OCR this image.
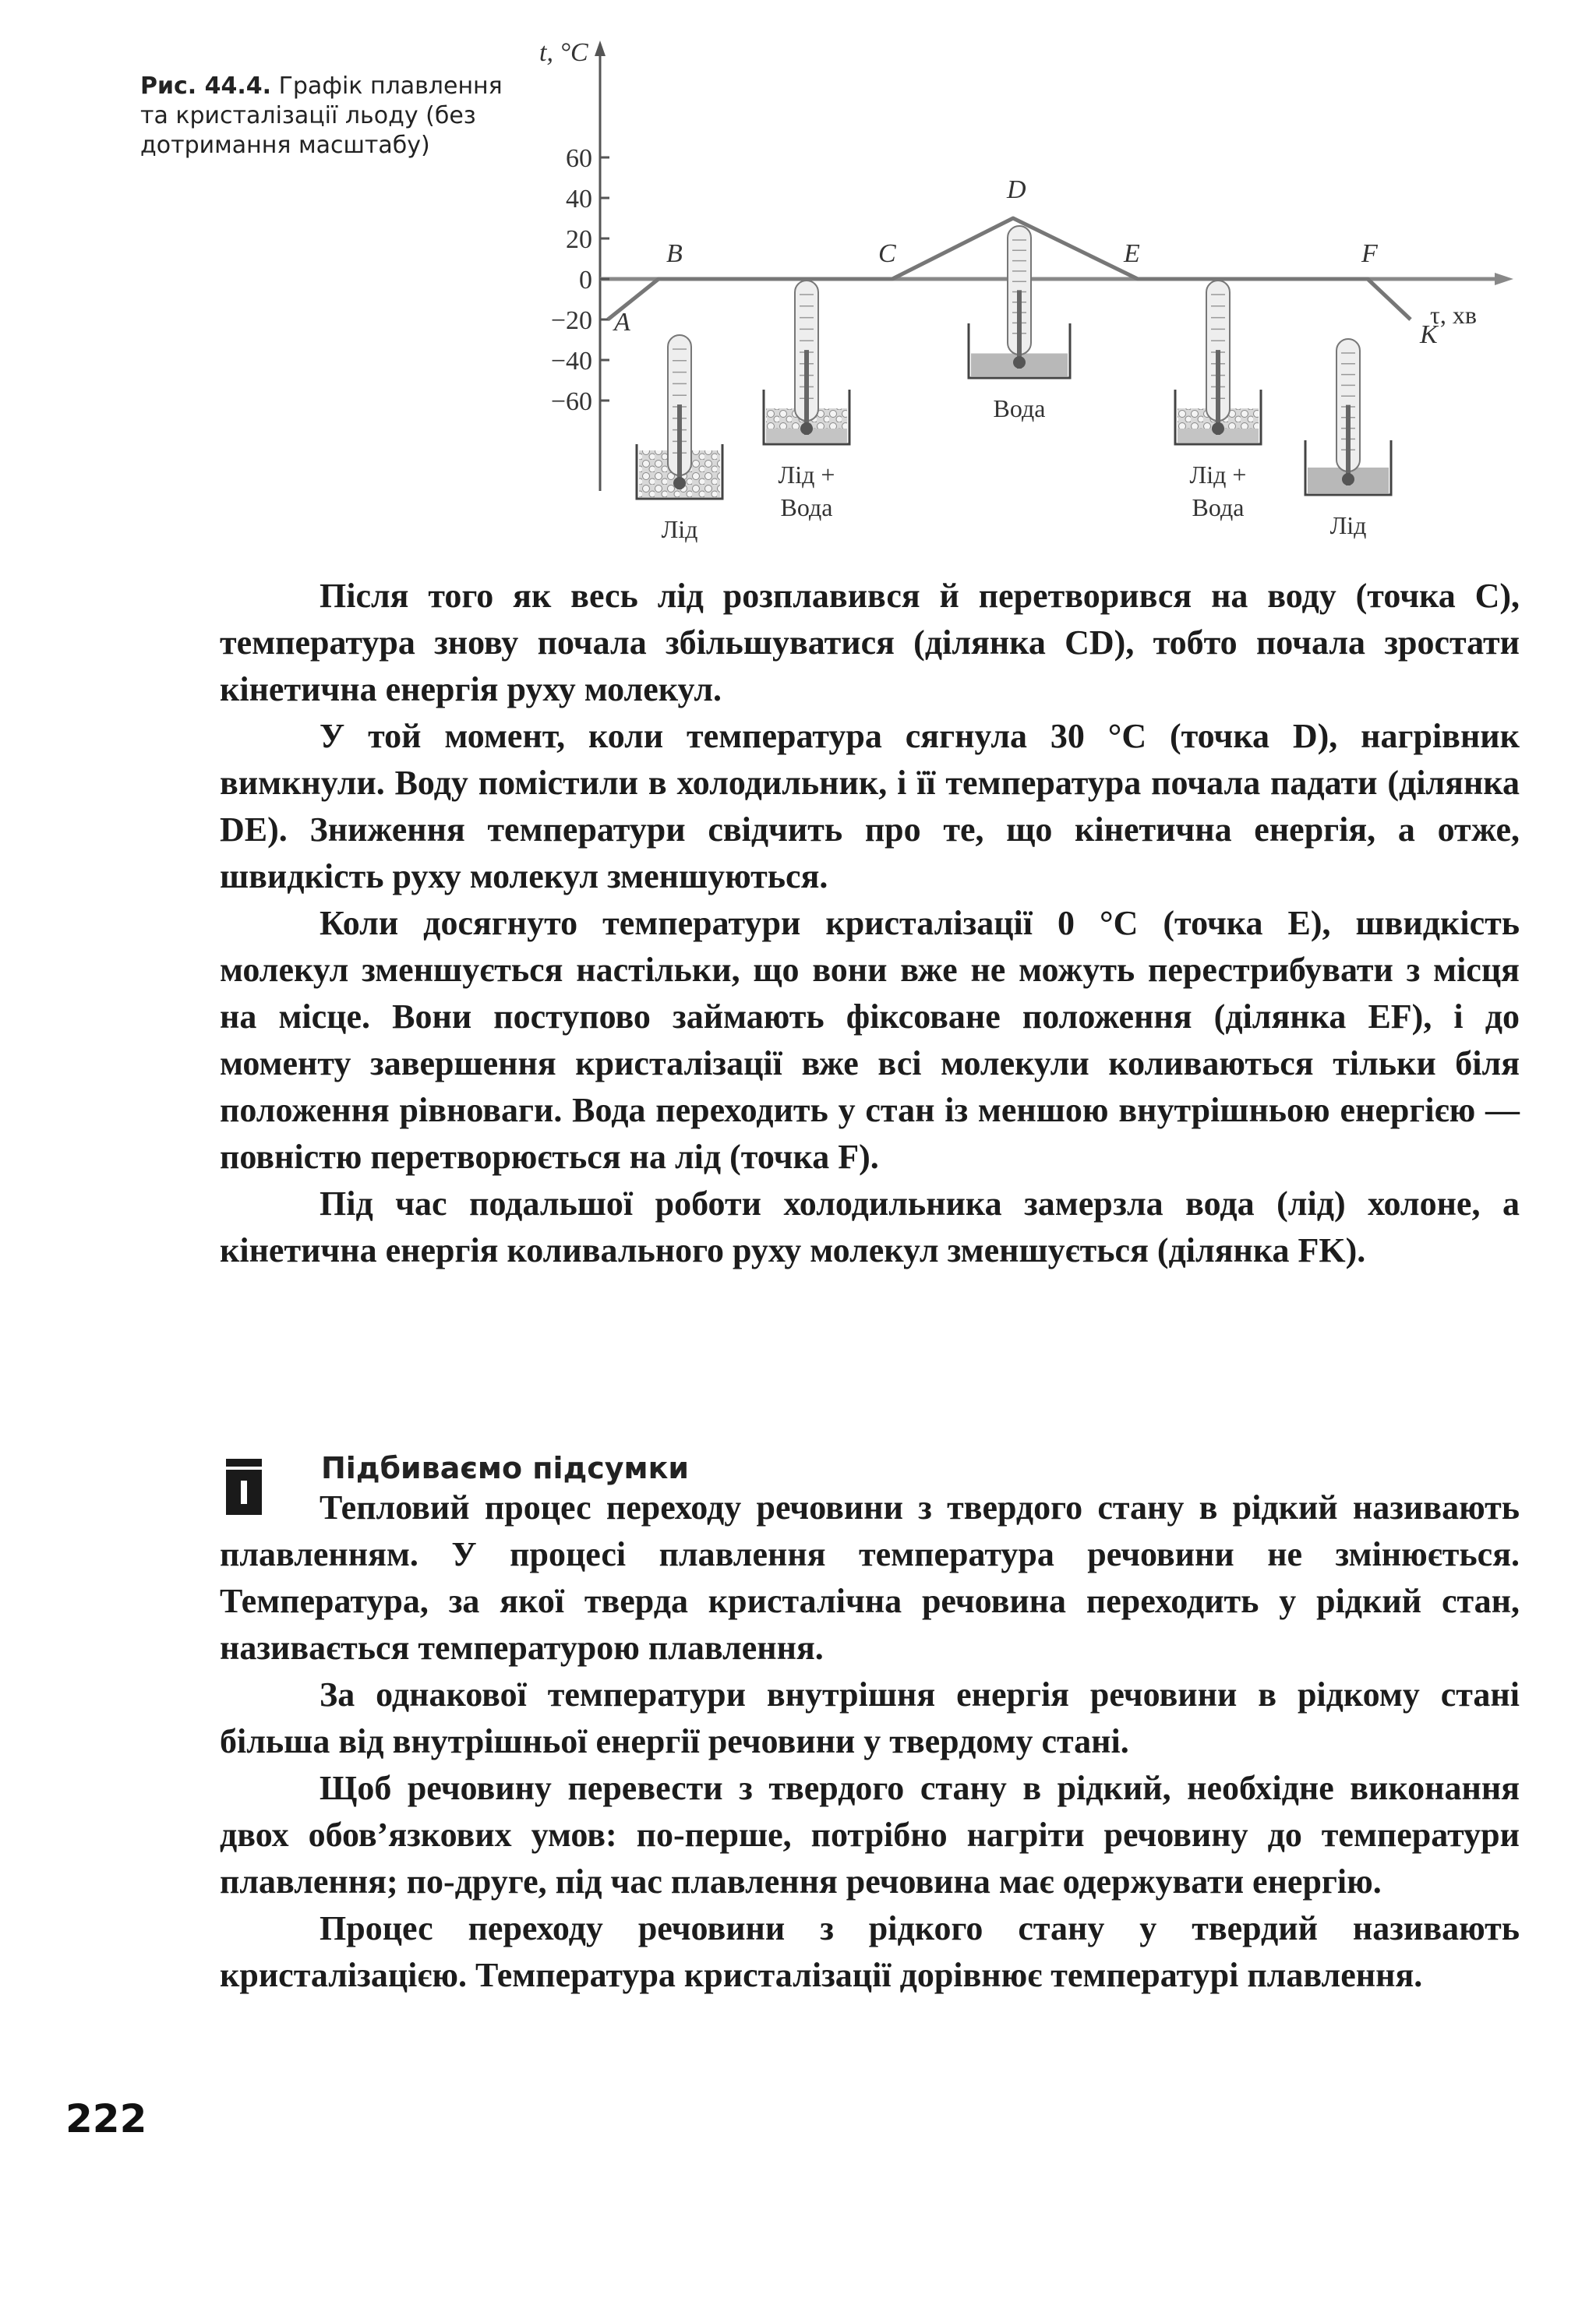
Рис. 44.4. Графік плавлення та кристалізації льоду (без дотримання масштабу)
t, °C
τ, хв
60
40
20
0
−20
−40
−60
A
B	C
D
E	F
K
Лід
Лід + Вода
Вода
Лід + Вода
Лід

Після того як весь лід розплавився й перетворився на воду (точка C), температура знову почала збільшуватися (ділянка CD), тобто почала зростати кінетична енергія руху молекул.

У той момент, коли температура сягнула 30 °С (точка D), нагрівник вимкнули. Воду помістили в холодильник, і її температура почала падати (ділянка DE). Зниження температури свідчить про те, що кінетична енергія, а отже, швидкість руху молекул зменшуються.

Коли досягнуто температури кристалізації 0 °С (точка E), швидкість молекул зменшується настільки, що вони вже не можуть перестрибувати з місця на місце. Вони поступово займають фіксоване положення (ділянка EF), і до моменту завершення кристалізації вже всі молекули коливаються тільки біля положення рівноваги. Вода переходить у стан із меншою внутрішньою енергією — повністю перетворюється на лід (точка F).

Під час подальшої роботи холодильника замерзла вода (лід) холоне, а кінетична енергія коливального руху молекул зменшується (ділянка FK).

Підбиваємо підсумки

Тепловий процес переходу речовини з твердого стану в рідкий називають плавленням. У процесі плавлення температура речовини не змінюється. Температура, за якої тверда кристалічна речовина переходить у рідкий стан, називається температурою плавлення.

За однакової температури внутрішня енергія речовини в рідкому стані більша від внутрішньої енергії речовини у твердому стані.

Щоб речовину перевести з твердого стану в рідкий, необхідне виконання двох обов’язкових умов: по-перше, потрібно нагріти речовину до температури плавлення; по-друге, під час плавлення речовина має одержувати енергію.

Процес переходу речовини з рідкого стану у твердий називають кристалізацією. Температура кристалізації дорівнює температурі плавлення.

222
